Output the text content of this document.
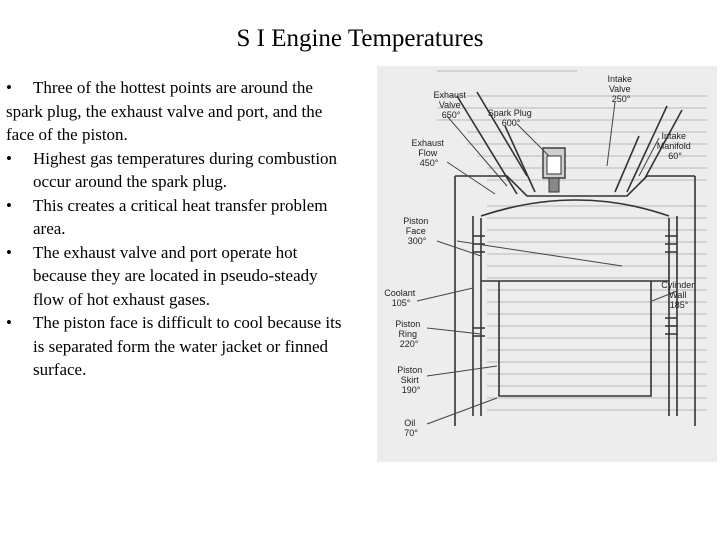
S I Engine Temperatures
• Three of the hottest points are around the spark plug, the exhaust valve and port, and the face of the piston.
• Highest gas temperatures during combustion occur around the spark plug.
• This creates a critical heat transfer problem area.
• The exhaust valve and port operate hot because they are located in pseudo-steady flow of hot exhaust gases.
• The piston face is difficult to cool because its is separated form the water jacket or finned surface.
Intake Valve 250°
Exhaust Valve 650°	Spark Plug 600°
Intake Manifold 60°
Exhaust Flow 450°
Piston Face 300°
Cylinder Wall 185°
Coolant 105°
Piston Ring 220°
Piston Skirt 190°
Oil 70°
